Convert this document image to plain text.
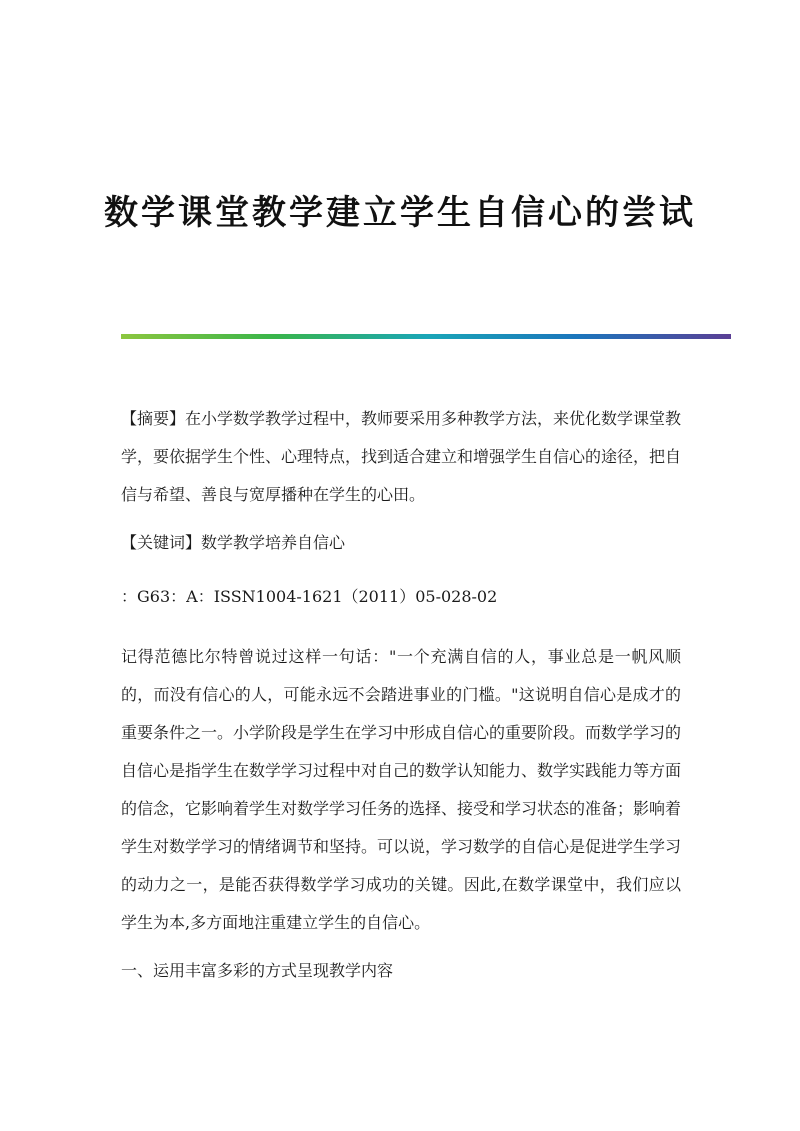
数学课堂教学建立学生自信心的尝试

【摘要】在小学数学教学过程中，教师要采用多种教学方法，来优化数学课堂教学，要依据学生个性、心理特点，找到适合建立和增强学生自信心的途径，把自信与希望、善良与宽厚播种在学生的心田。

【关键词】数学教学培养自信心

：G63：A：ISSN1004-1621（2011）05-028-02

记得范德比尔特曾说过这样一句话："一个充满自信的人，事业总是一帆风顺的，而没有信心的人，可能永远不会踏进事业的门槛。"这说明自信心是成才的重要条件之一。小学阶段是学生在学习中形成自信心的重要阶段。而数学学习的自信心是指学生在数学学习过程中对自己的数学认知能力、数学实践能力等方面的信念，它影响着学生对数学学习任务的选择、接受和学习状态的准备；影响着学生对数学学习的情绪调节和坚持。可以说，学习数学的自信心是促进学生学习的动力之一，是能否获得数学学习成功的关键。因此,在数学课堂中，我们应以学生为本,多方面地注重建立学生的自信心。

一、运用丰富多彩的方式呈现教学内容
